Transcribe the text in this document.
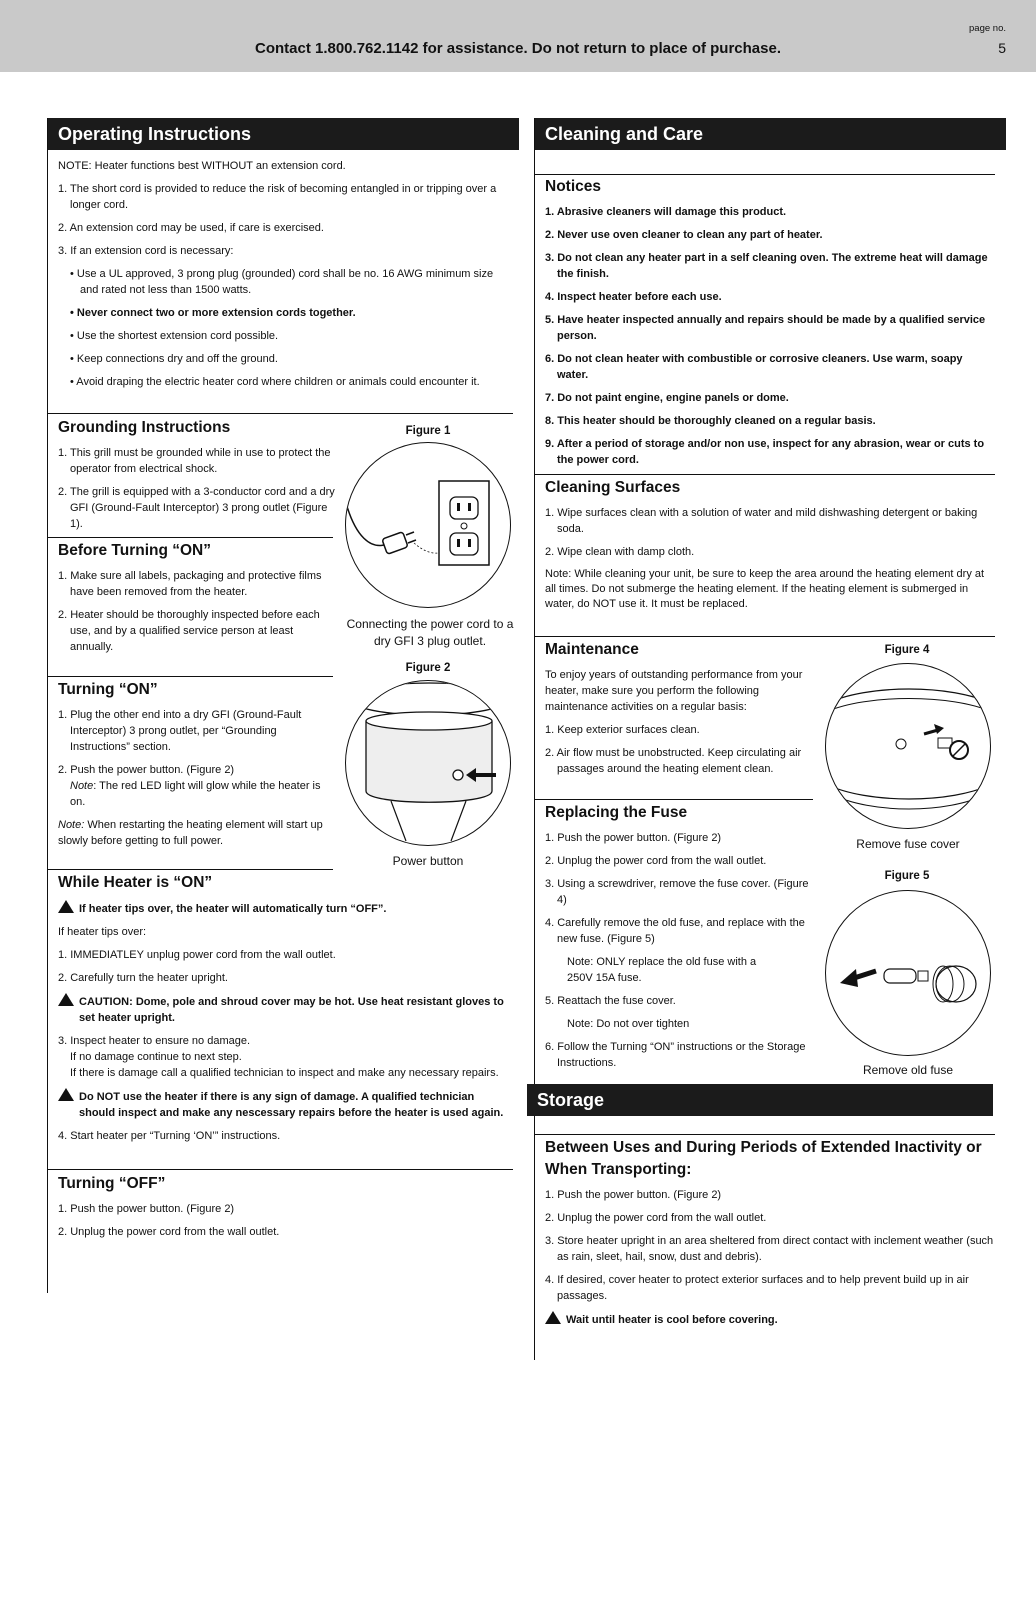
Contact 1.800.762.1142 for assistance. Do not return to place of purchase.
page no.
5
Operating Instructions

NOTE: Heater functions best WITHOUT an extension cord.

1. The short cord is provided to reduce the risk of becoming entangled in or tripping over a longer cord.

2. An extension cord may be used, if care is exercised.

3. If an extension cord is necessary:

• Use a UL approved, 3 prong plug (grounded) cord shall be no. 16 AWG minimum size and rated not less than 1500 watts.

• Never connect two or more extension cords together.

• Use the shortest extension cord possible.

• Keep connections dry and off the ground.

• Avoid draping the electric heater cord where children or animals could encounter it.

Grounding Instructions

1. This grill must be grounded while in use to protect the operator from electrical shock.

2. The grill is equipped with a 3-conductor cord and a dry GFI (Ground-Fault Interceptor) 3 prong outlet (Figure 1).

Before Turning “ON”

1. Make sure all labels, packaging and protective films have been removed from the heater.

2. Heater should be thoroughly inspected before each use, and by a qualified service person at least annually.

Turning “ON”

1. Plug the other end into a dry GFI (Ground-Fault Interceptor) 3 prong outlet, per “Grounding Instructions” section.

2. Push the power button. (Figure 2)

Note: The red LED light will glow while the heater is on.

Note: When restarting the heating element will start up slowly before getting to full power.

While Heater is “ON”

If heater tips over, the heater will automatically turn “OFF”.

If heater tips over:

1. IMMEDIATLEY unplug power cord from the wall outlet.

2. Carefully turn the heater upright.

CAUTION: Dome, pole and shroud cover may be hot. Use heat resistant gloves to set heater upright.

3. Inspect heater to ensure no damage.

If no damage continue to next step.

If there is damage call a qualified technician to inspect and make any necessary repairs.

Do NOT use the heater if there is any sign of damage. A qualified technician should inspect and make any nescessary repairs before the heater is used again.

4. Start heater per “Turning ‘ON’” instructions.

Turning “OFF”

1. Push the power button. (Figure 2)

2. Unplug the power cord from the wall outlet.

Figure 1
Connecting the power cord to a dry GFI 3 plug outlet.
Figure 2
Power button
Cleaning and Care
Notices

1. Abrasive cleaners will damage this product.

2. Never use oven cleaner to clean any part of heater.

3. Do not clean any heater part in a self cleaning oven. The extreme heat will damage the finish.

4. Inspect heater before each use.

5. Have heater inspected annually and repairs should be made by a qualified service person.

6. Do not clean heater with combustible or corrosive cleaners. Use warm, soapy water.

7. Do not paint engine, engine panels or dome.

8. This heater should be thoroughly cleaned on a regular basis.

9. After a period of storage and/or non use, inspect for any abrasion, wear or cuts to the power cord.

Cleaning Surfaces

1. Wipe surfaces clean with a solution of water and mild dishwashing detergent or baking soda.

2. Wipe clean with damp cloth.

Note: While cleaning your unit, be sure to keep the area around the heating element dry at all times. Do not submerge the heating element. If the heating element is submerged in water, do NOT use it. It must be replaced.

Maintenance

To enjoy years of outstanding performance from your heater, make sure you perform the following maintenance activities on a regular basis:

1. Keep exterior surfaces clean.

2. Air flow must be unobstructed. Keep circulating air passages around the heating element clean.

Replacing the Fuse

1. Push the power button. (Figure 2)

2. Unplug the power cord from the wall outlet.

3. Using a screwdriver, remove the fuse cover. (Figure 4)

4. Carefully remove the old fuse, and replace with the new fuse. (Figure 5)

Note: ONLY replace the old fuse with a 250V 15A fuse.

5. Reattach the fuse cover.

Note: Do not over tighten

6. Follow the Turning “ON” instructions or the Storage Instructions.

Figure 4
Remove fuse cover
Figure 5
Remove old fuse
Storage
Between Uses and During Periods of Extended Inactivity or When Transporting:

1. Push the power button. (Figure 2)

2. Unplug the power cord from the wall outlet.

3. Store heater upright in an area sheltered from direct contact with inclement weather (such as rain, sleet, hail, snow, dust and debris).

4. If desired, cover heater to protect exterior surfaces and to help prevent build up in air passages.

Wait until heater is cool before covering.
